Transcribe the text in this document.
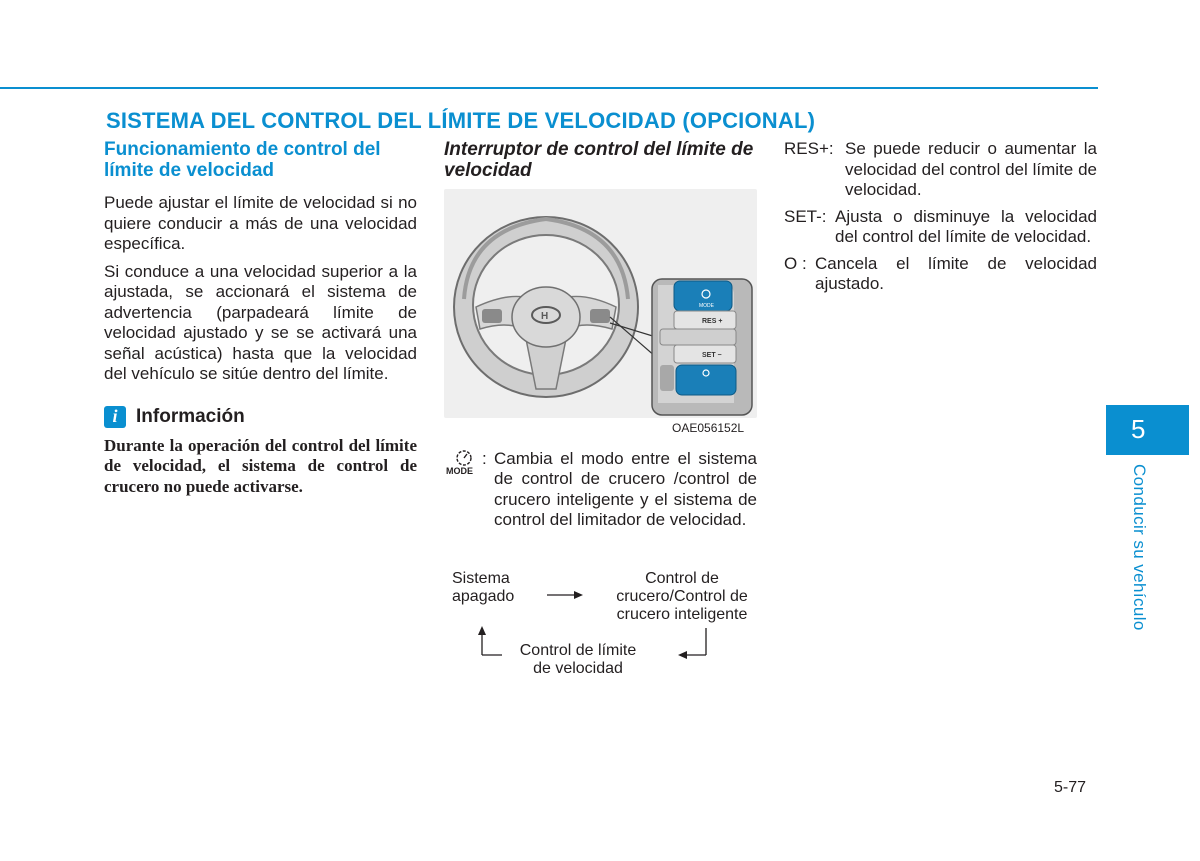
SISTEMA DEL CONTROL DEL LÍMITE DE VELOCIDAD (OPCIONAL)
Funcionamiento de control del límite de velocidad

Puede ajustar el límite de velocidad si no quiere conducir a más de una velocidad específica.

Si conduce a una velocidad superior a la ajustada, se accionará el sistema de advertencia (parpadeará límite de velocidad ajustado y se se activará una señal acústica) hasta que la velocidad del vehículo se sitúe dentro del límite.

i Información

Durante la operación del control del límite de velocidad, el sistema de control de crucero no puede activarse.

Interruptor de control del límite de velocidad
H
MODE
RES +
SET −
OAE056152L
MODE
: Cambia el modo entre el sistema de control de crucero /control de crucero inteligente y el sistema de control del limitador de velocidad.

Sistema apagado
Control de crucero/Control de crucero inteligente
Control de límite de velocidad
RES+: Se puede reducir o aumentar la velocidad del control del límite de velocidad.
SET-: Ajusta o disminuye la velocidad del control del límite de velocidad.
O : Cancela el límite de velocidad ajustado.
5
Conducir su vehículo
5-77
